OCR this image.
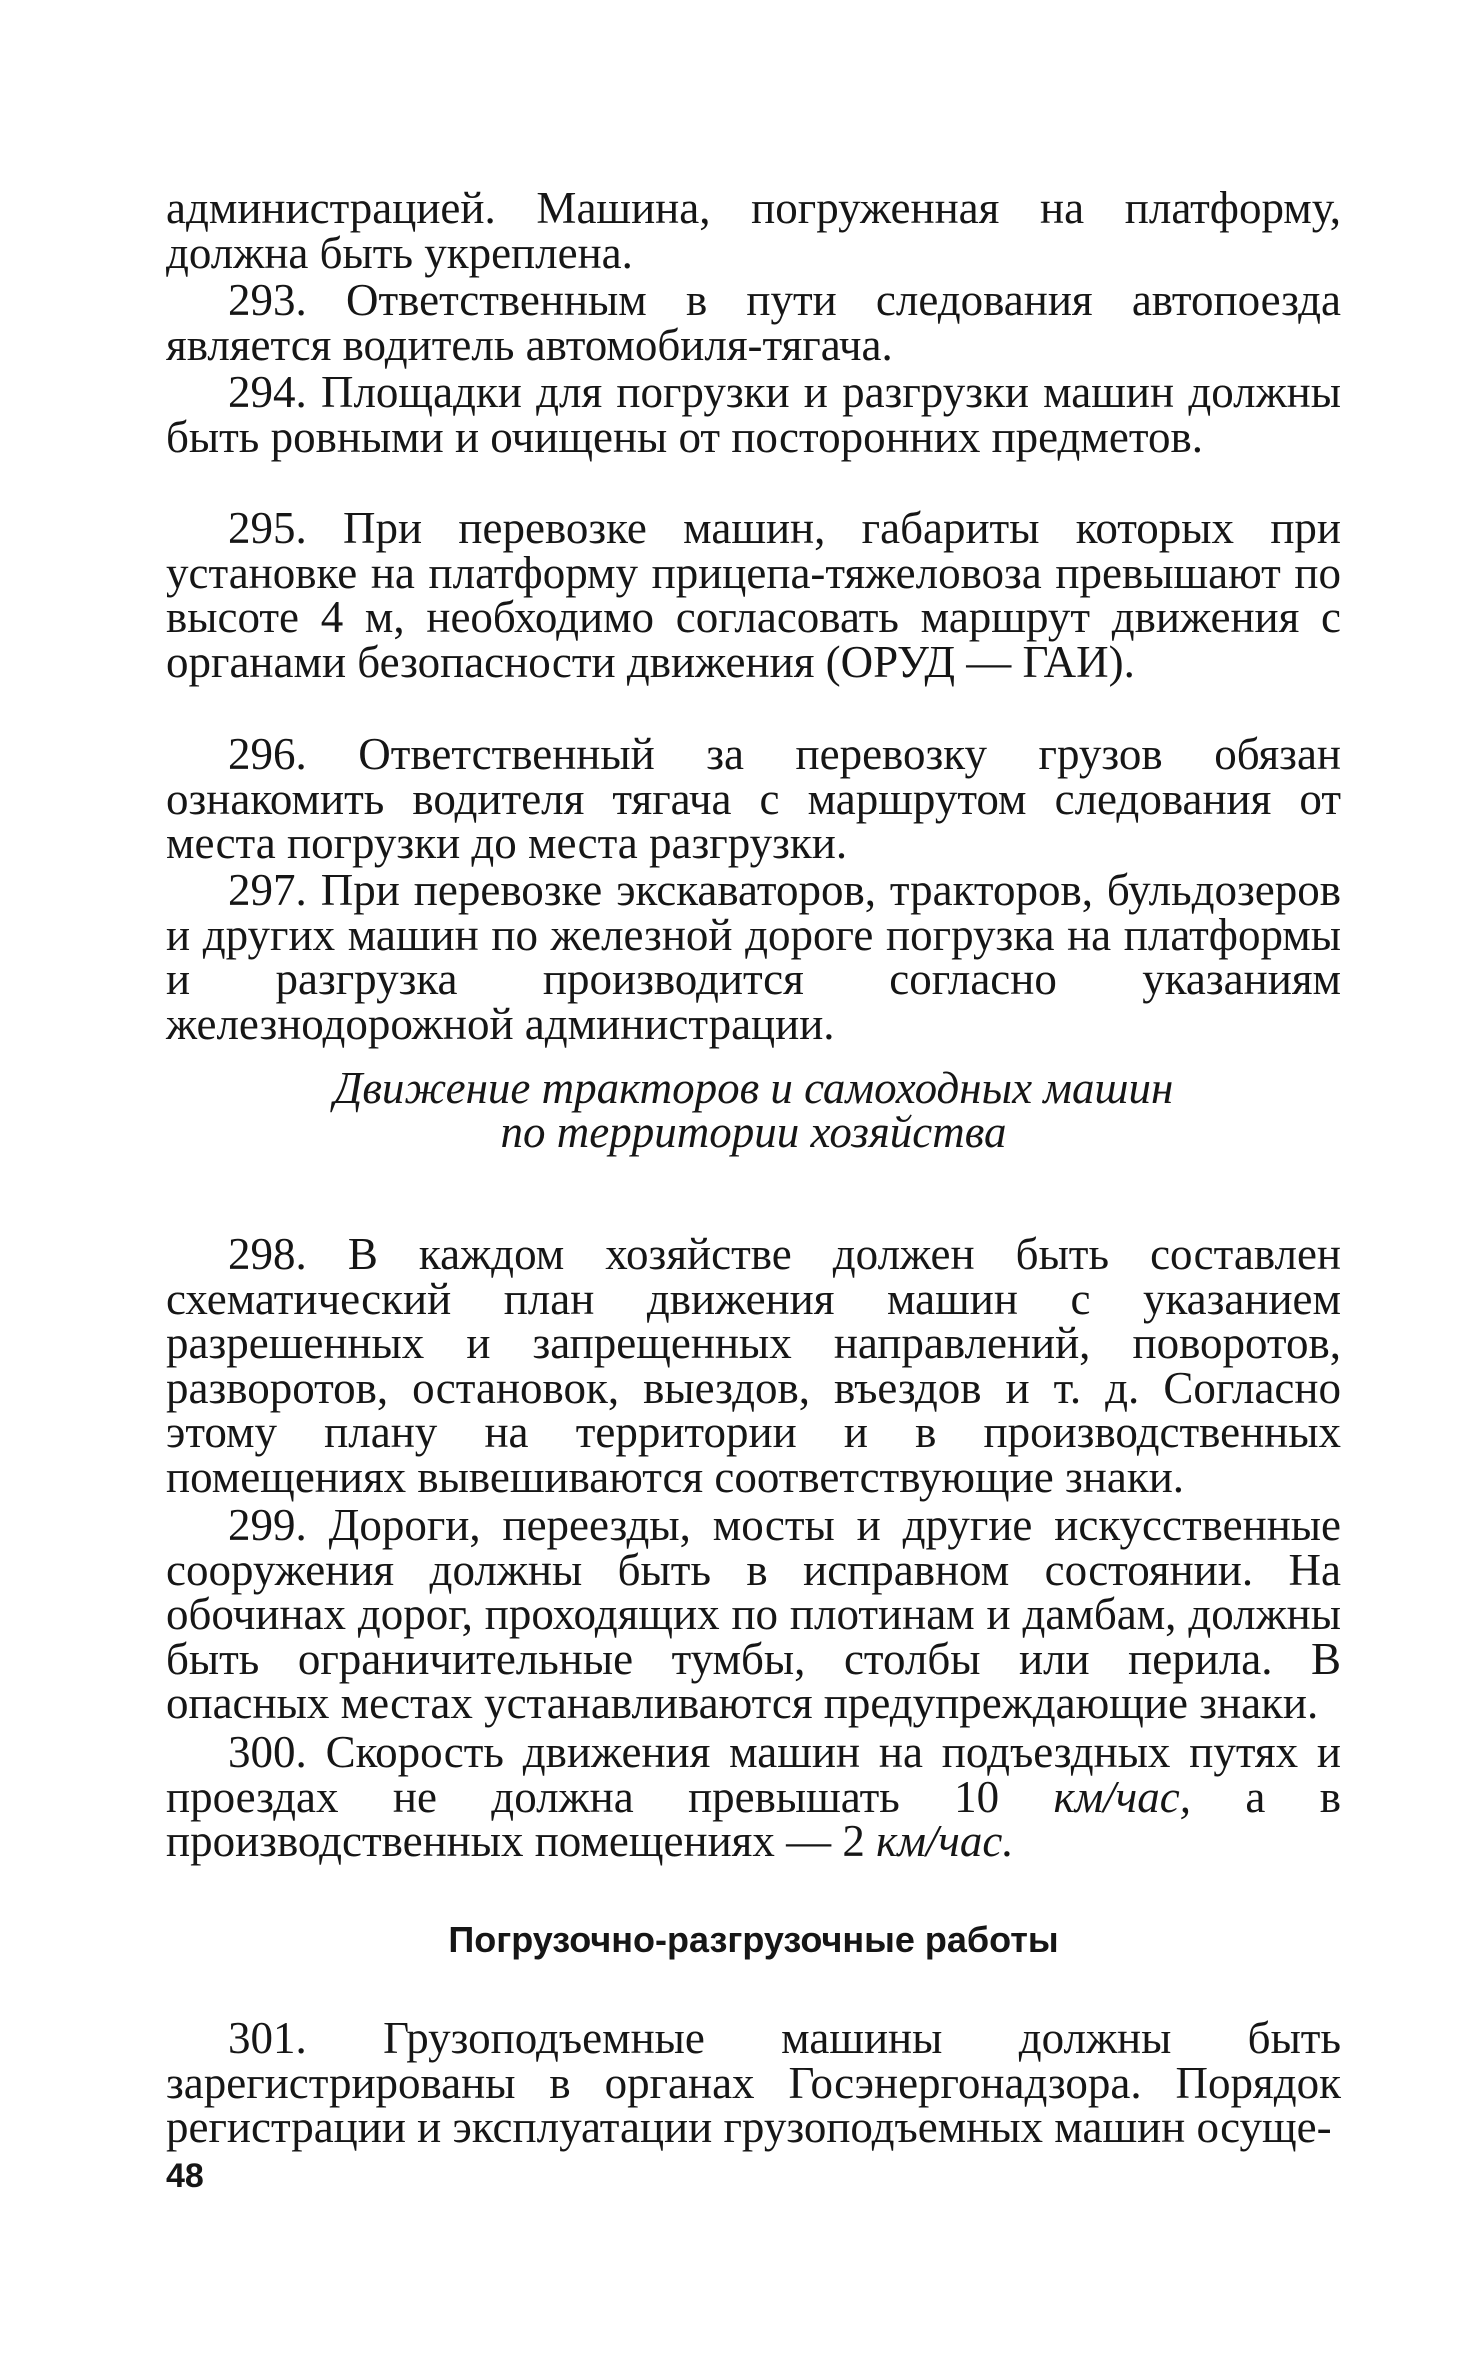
администрацией. Машина, погруженная на платформу, должна быть укреплена.

293. Ответственным в пути следования автопоезда является водитель автомобиля-тягача.

294. Площадки для погрузки и разгрузки машин должны быть ровными и очищены от посторонних предметов.

295. При перевозке машин, габариты которых при установке на платформу прицепа-тяжеловоза превышают по высоте 4 м, необходимо согласовать маршрут движения с органами безопасности движения (ОРУД — ГАИ).

296. Ответственный за перевозку грузов обязан ознакомить водителя тягача с маршрутом следования от места погрузки до места разгрузки.

297. При перевозке экскаваторов, тракторов, бульдозеров и других машин по железной дороге погрузка на платформы и разгрузка производится согласно указаниям железнодорожной администрации.

Движение тракторов и самоходных машин

по территории хозяйства

298. В каждом хозяйстве должен быть составлен схематический план движения машин с указанием разрешенных и запрещенных направлений, поворотов, разворотов, остановок, выездов, въездов и т. д. Согласно этому плану на территории и в производственных помещениях вывешиваются соответствующие знаки.

299. Дороги, переезды, мосты и другие искусственные сооружения должны быть в исправном состоянии. На обочинах дорог, проходящих по плотинам и дамбам, должны быть ограничительные тумбы, столбы или перила. В опасных местах устанавливаются предупреждающие знаки.

300. Скорость движения машин на подъездных путях и проездах не должна превышать 10 км/час, а в производственных помещениях — 2 км/час.

Погрузочно-разгрузочные работы

301. Грузоподъемные машины должны быть зарегистрированы в органах Госэнергонадзора. Порядок регистрации и эксплуатации грузоподъемных машин осуще-

48
